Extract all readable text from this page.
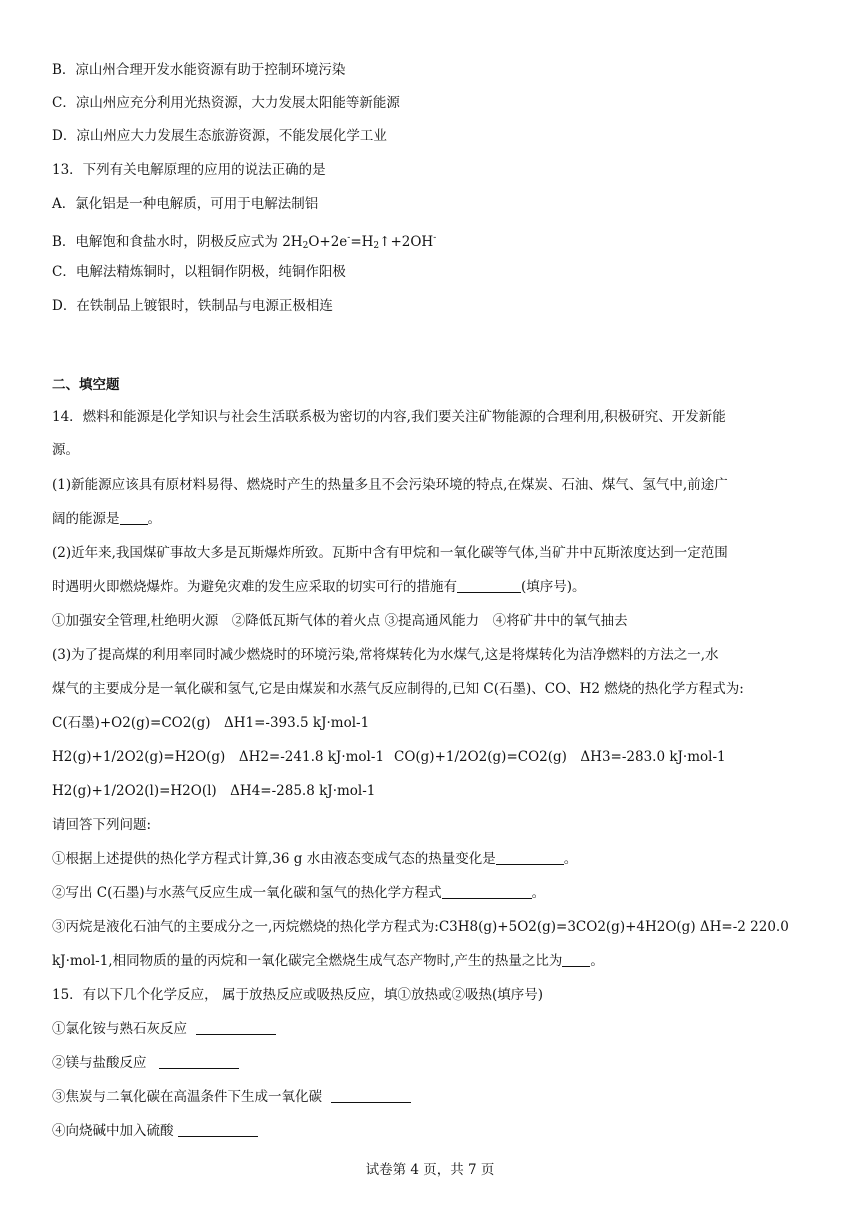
B．凉山州合理开发水能资源有助于控制环境污染
C．凉山州应充分利用光热资源，大力发展太阳能等新能源
D．凉山州应大力发展生态旅游资源，不能发展化学工业
13．下列有关电解原理的应用的说法正确的是
A．氯化铝是一种电解质，可用于电解法制铝
B．电解饱和食盐水时，阴极反应式为 $2H_2O+2e^-=H_2↑+2OH^-$
C．电解法精炼铜时，以粗铜作阴极，纯铜作阳极
D．在铁制品上镀银时，铁制品与电源正极相连
二、填空题
14．燃料和能源是化学知识与社会生活联系极为密切的内容,我们要关注矿物能源的合理利用,积极研究、开发新能
源。
(1)新能源应该具有原材料易得、燃烧时产生的热量多且不会污染环境的特点,在煤炭、石油、煤气、氢气中,前途广
阔的能源是 。
(2)近年来,我国煤矿事故大多是瓦斯爆炸所致。瓦斯中含有甲烷和一氧化碳等气体,当矿井中瓦斯浓度达到一定范围
时遇明火即燃烧爆炸。为避免灾难的发生应采取的切实可行的措施有	(填序号)。
①加强安全管理,杜绝明火源　②降低瓦斯气体的着火点 ③提高通风能力　④将矿井中的氧气抽去
(3)为了提高煤的利用率同时减少燃烧时的环境污染,常将煤转化为水煤气,这是将煤转化为洁净燃料的方法之一,水
煤气的主要成分是一氧化碳和氢气,它是由煤炭和水蒸气反应制得的,已知 C(石墨)、CO、H2 燃烧的热化学方程式为:
C(石墨)+O2(g)=CO2(g)　ΔH1=-393.5 kJ·mol-1
H2(g)+1/2O2(g)=H2O(g)　ΔH2=-241.8 kJ·mol-1 CO(g)+1/2O2(g)=CO2(g)　ΔH3=-283.0 kJ·mol-1
H2(g)+1/2O2(l)=H2O(l)　ΔH4=-285.8 kJ·mol-1
请回答下列问题:
①根据上述提供的热化学方程式计算,36 g 水由液态变成气态的热量变化是	。
②写出 C(石墨)与水蒸气反应生成一氧化碳和氢气的热化学方程式	。
③丙烷是液化石油气的主要成分之一,丙烷燃烧的热化学方程式为:C3H8(g)+5O2(g)=3CO2(g)+4H2O(g) ΔH=-2 220.0
kJ·mol-1,相同物质的量的丙烷和一氧化碳完全燃烧生成气态产物时,产生的热量之比为 。
15．有以下几个化学反应， 属于放热反应或吸热反应，填①放热或②吸热(填序号)
①氯化铵与熟石灰反应
②镁与盐酸反应
③焦炭与二氧化碳在高温条件下生成一氧化碳
④向烧碱中加入硫酸
试卷第 4 页，共 7 页
